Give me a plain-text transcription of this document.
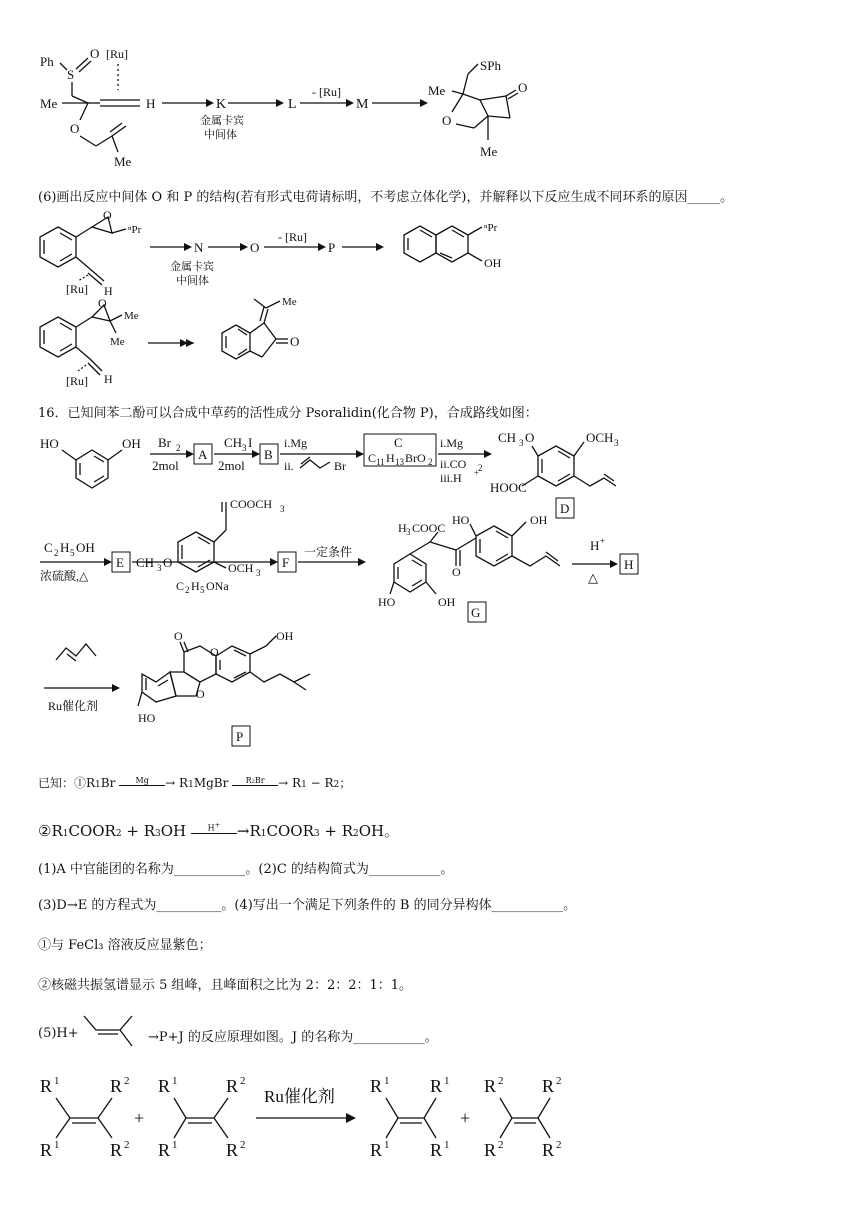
Ph
S
O [Ru]
Me	H
O
Me
K
金属卡宾
中间体
L
- [Ru]
M
Me
SPh
O
O
Me
(6)画出反应中间体 O 和 P 的结构(若有形式电荷请标明，不考虑立体化学)，并解释以下反应生成不同环系的原因_____。
O
ⁿPr
H
[Ru]
N
金属卡宾
中间体
O
- [Ru]
P
ⁿPr
OH
O
Me
Me
H
[Ru]
O
Me
16．已知间苯二酚可以合成中草药的活性成分 Psoralidin(化合物 P)，合成路线如图：
HO	OH Br 2
2mol
A
CH 3 I
2mol
B
i.Mg
ii.	Br
C
C 11 H 13 BrO 2
i.Mg
ii.CO 2
iii.H +
CH 3 O	OCH 3
HOOC
D
C 2 H 5 OH
浓硫酸,△
E CH 3 O
COOCH 3
OCH 3
C 2 H 5 ONa
F
一定条件
H 3 COOC
HO	OH
O
HO	OH
G
H +
△
H
Ru催化剂
O
O
OH
HO
O
P
已知：①R1Br	Mg → R1MgBr R₂Br → R1 − R2；
②R1COOR2 + R3OH H+ →R1COOR3 + R2OH。
(1)A 中官能团的名称为___________。(2)C 的结构简式为___________。
(3)D→E 的方程式为__________。(4)写出一个满足下列条件的 B 的同分异构体___________。
①与 FeCl₃ 溶液反应显紫色；
②核磁共振氢谱显示 5 组峰，且峰面积之比为 2：2：2：1：1。
(5)H+	→P+J 的反应原理如图。J 的名称为___________。
R 1	R 2
R 1	R 2
+
R 1	R 2
R 1	R 2
Ru催化剂
R 1 R 1
R 1 R 1
+
R 2 R 2
R 2 R 2
